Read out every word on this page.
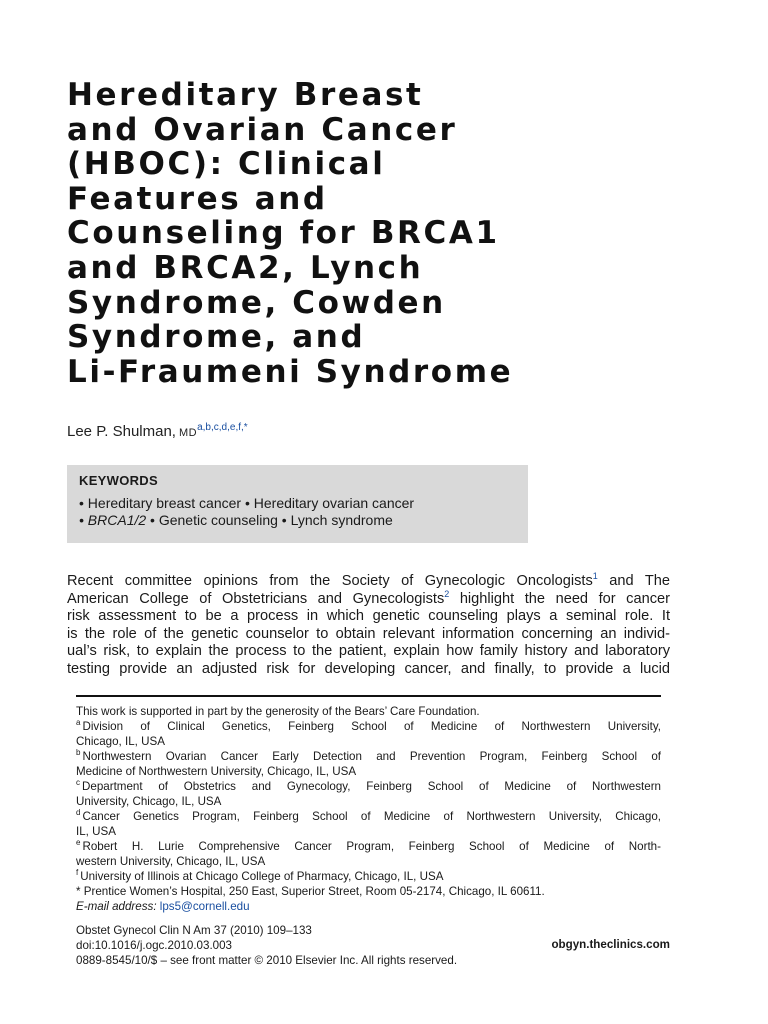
Hereditary Breast
and Ovarian Cancer
(HBOC): Clinical
Features and
Counseling for BRCA1
and BRCA2, Lynch
Syndrome, Cowden
Syndrome, and
Li-Fraumeni Syndrome
Lee P. Shulman, $MD^{a,b,c,d,e,f,*}$
KEYWORDS
• Hereditary breast cancer • Hereditary ovarian cancer
• BRCA1/2 • Genetic counseling • Lynch syndrome
Recent committee opinions from the Society of Gynecologic Oncologists$^1$ and The
American College of Obstetricians and Gynecologists$^2$ highlight the need for cancer
risk assessment to be a process in which genetic counseling plays a seminal role. It
is the role of the genetic counselor to obtain relevant information concerning an individ-
ual’s risk, to explain the process to the patient, explain how family history and laboratory
testing provide an adjusted risk for developing cancer, and finally, to provide a lucid
This work is supported in part by the generosity of the Bears’ Care Foundation.
$^a$ Division of Clinical Genetics, Feinberg School of Medicine of Northwestern University,
Chicago, IL, USA
$^b$ Northwestern Ovarian Cancer Early Detection and Prevention Program, Feinberg School of
Medicine of Northwestern University, Chicago, IL, USA
$^c$ Department of Obstetrics and Gynecology, Feinberg School of Medicine of Northwestern
University, Chicago, IL, USA
$^d$ Cancer Genetics Program, Feinberg School of Medicine of Northwestern University, Chicago,
IL, USA
$^e$ Robert H. Lurie Comprehensive Cancer Program, Feinberg School of Medicine of North-
western University, Chicago, IL, USA
$^f$ University of Illinois at Chicago College of Pharmacy, Chicago, IL, USA
* Prentice Women’s Hospital, 250 East, Superior Street, Room 05-2174, Chicago, IL 60611.
E-mail address: lps5@cornell.edu
Obstet Gynecol Clin N Am 37 (2010) 109–133
doi:10.1016/j.ogc.2010.03.003
0889-8545/10/$ – see front matter © 2010 Elsevier Inc. All rights reserved.
obgyn.theclinics.com
